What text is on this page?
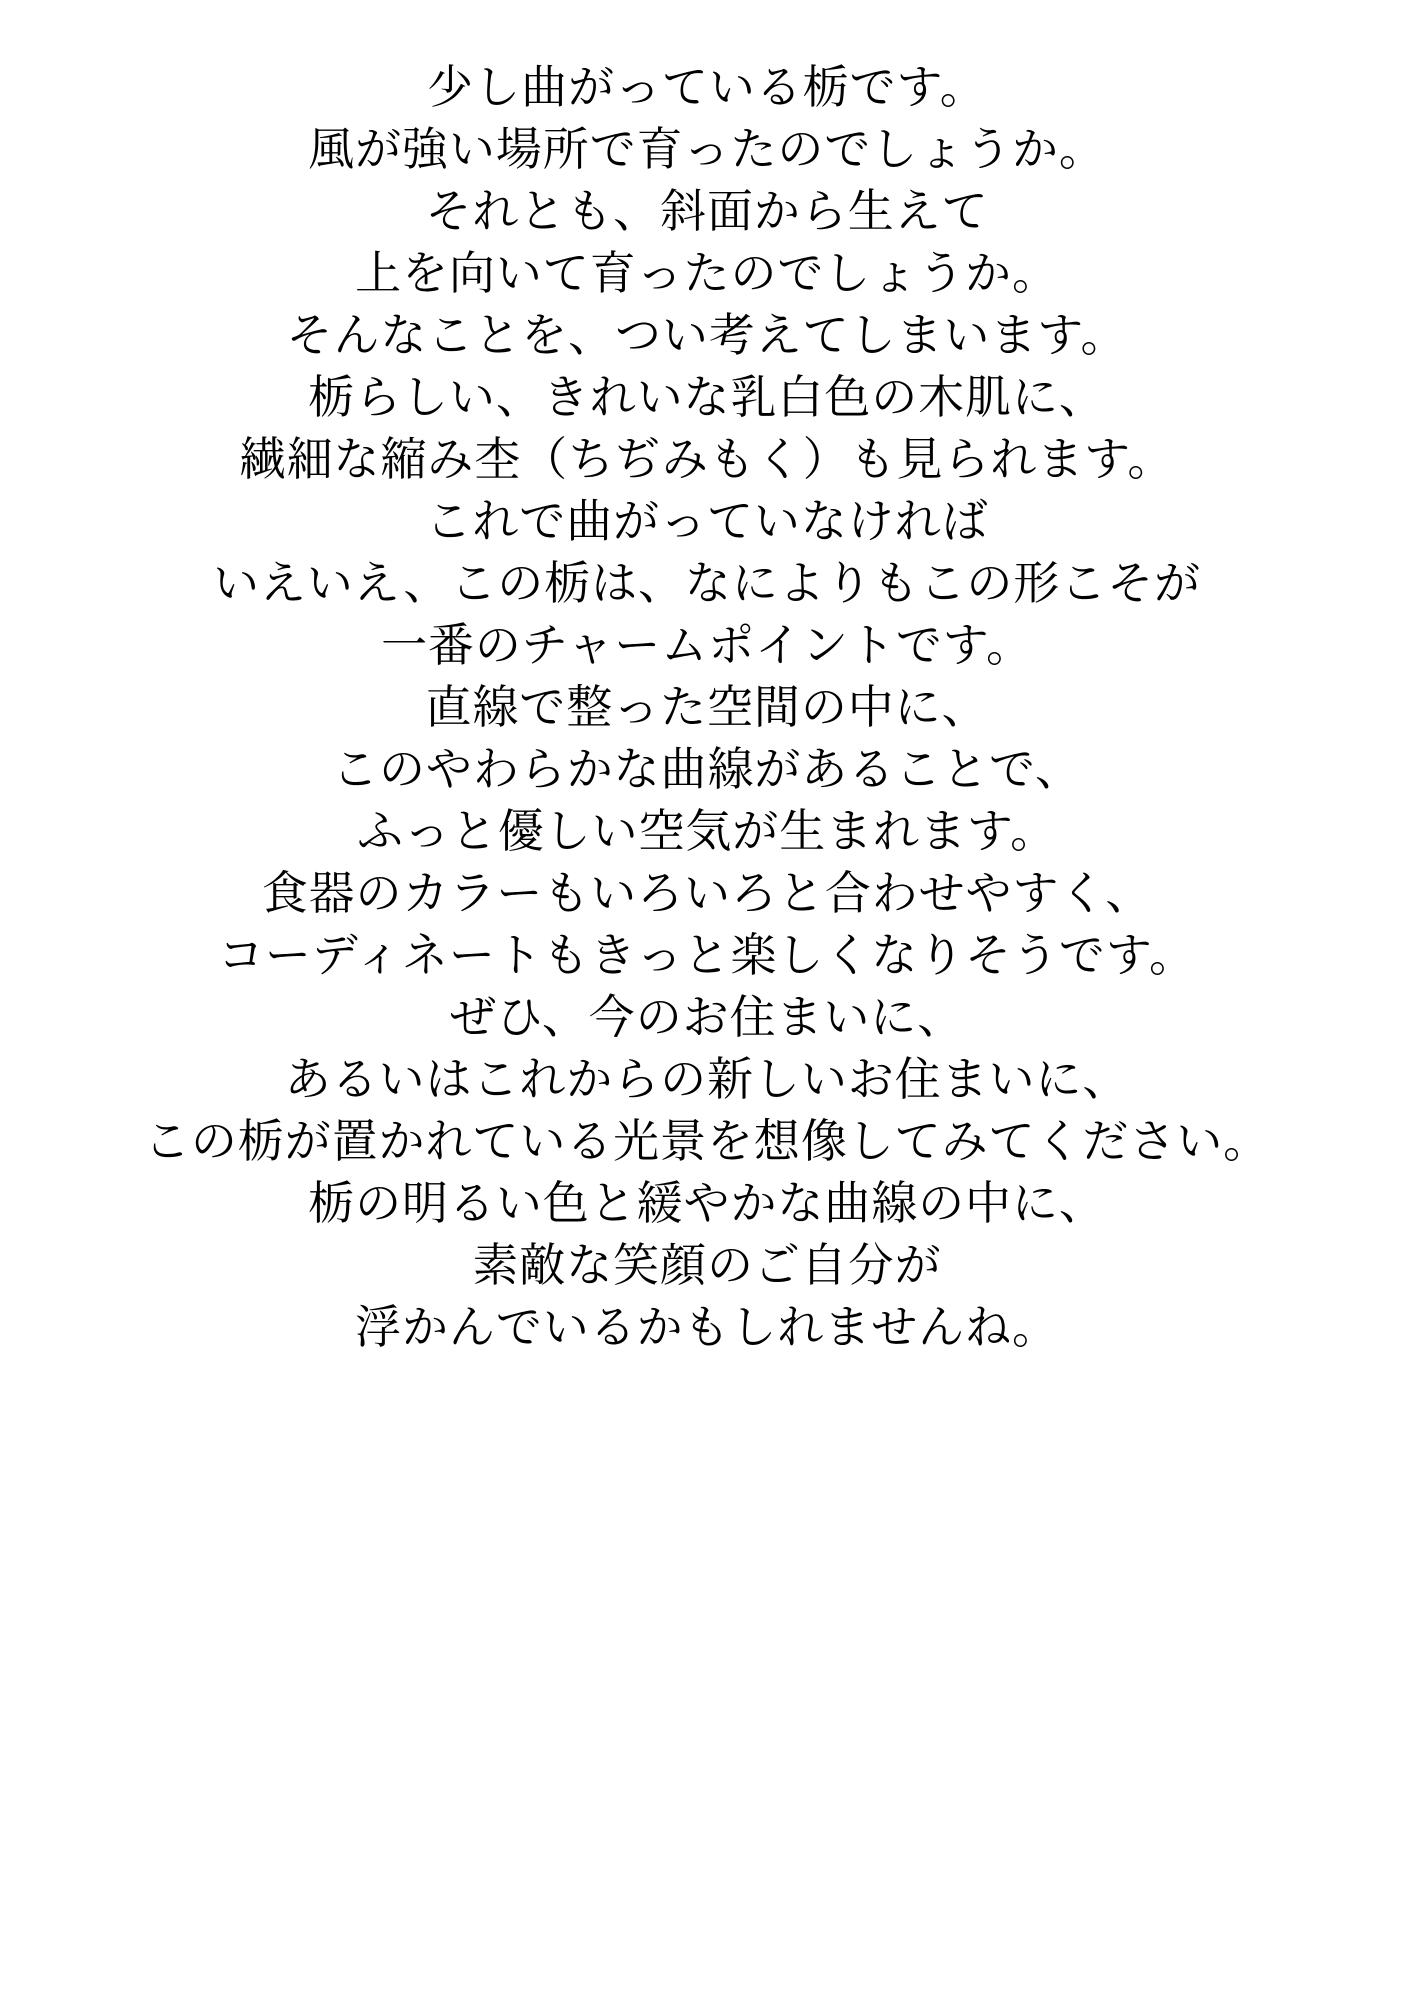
少し曲がっている栃です。
風が強い場所で育ったのでしょうか。
それとも、斜面から生えて
上を向いて育ったのでしょうか。
そんなことを、つい考えてしまいます。
栃らしい、きれいな乳白色の木肌に、
繊細な縮み杢（ちぢみもく）も見られます。
これで曲がっていなければ
いえいえ、この栃は、なによりもこの形こそが
一番のチャームポイントです。
直線で整った空間の中に、
このやわらかな曲線があることで、
ふっと優しい空気が生まれます。
食器のカラーもいろいろと合わせやすく、
コーディネートもきっと楽しくなりそうです。
ぜひ、今のお住まいに、
あるいはこれからの新しいお住まいに、
この栃が置かれている光景を想像してみてください。
栃の明るい色と緩やかな曲線の中に、
素敵な笑顔のご自分が
浮かんでいるかもしれませんね。
